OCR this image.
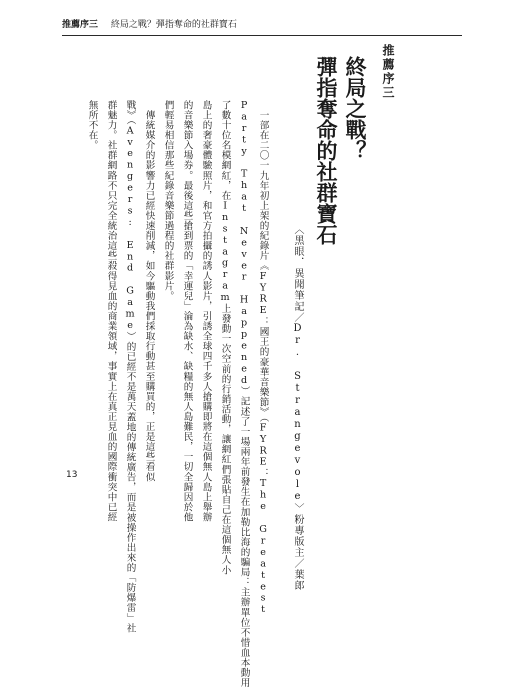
推薦序三 終局之戰？彈指奪命的社群寶石
推薦序三
終局之戰？
彈指奪命的社群寶石
〈黑眼．異聞筆記／Dr. Strangevole〉粉專版主／葉郎
　一部在二〇一九年初上架的紀錄片《FYRE：國王的豪華音樂節》（FYRE：The Greatest
Party That Never Happened）記述了一場兩年前發生在加勒比海的騙局：主辦單位不惜血本動用
了數十位名模網紅，在Instagram上發動一次空前的行銷活動，讓網紅們張貼自己在這個無人小
島上的奢豪體驗照片，和官方拍攝的誘人影片，引誘全球四千多人搶購即將在這個無人島上舉辦
的音樂節入場券。最後這些搶到票的「幸運兒」淪為缺水、缺糧的無人島難民，一切全歸因於他
們輕易相信那些紀錄音樂節過程的社群影片。
　傳統媒介的影響力已經快速削減，如今驅動我們採取行動甚至購買的，正是這些看似
戰》（Avengers: End Game）的已經不是萬天蓋地的傳統廣告，而是被操作出來的「防爆雷」社
群魅力。社群網路不只完全統治這些殺得見血的商業領域，事實上在真正見血的國際衝突中已經
無所不在。
13
